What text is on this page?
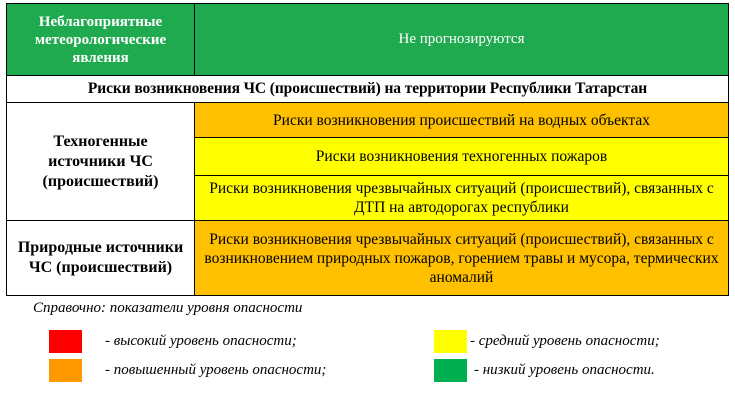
Неблагоприятные метеорологические явления	Не прогнозируются
Риски возникновения ЧС (происшествий) на территории Республики Татарстан	
Техногенные источники ЧС (происшествий)	Риски возникновения происшествий на водных объектах
	Риски возникновения техногенных пожаров
	Риски возникновения чрезвычайных ситуаций (происшествий), связанных с ДТП на автодорогах республики
Природные источники ЧС (происшествий)	Риски возникновения чрезвычайных ситуаций (происшествий), связанных с возникновением природных пожаров, горением травы и мусора, термических аномалий
Справочно: показатели уровня опасности
- высокий уровень опасности;
- повышенный уровень опасности;
- средний уровень опасности;
- низкий уровень опасности.
